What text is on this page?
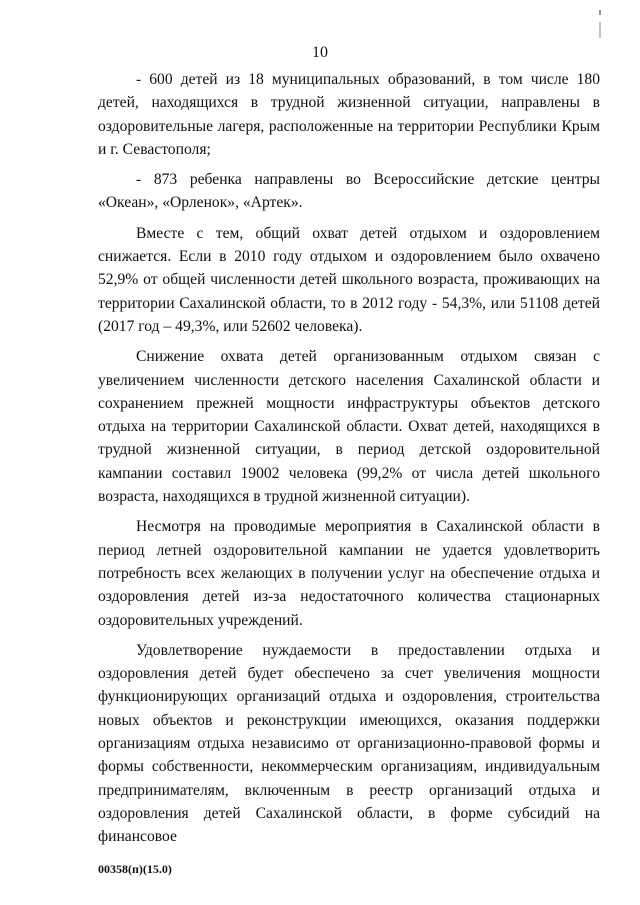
10

- 600 детей из 18 муниципальных образований, в том числе 180 детей, находящихся в трудной жизненной ситуации, направлены в оздоровительные лагеря, расположенные на территории Республики Крым и г. Севастополя;

- 873 ребенка направлены во Всероссийские детские центры «Океан», «Орленок», «Артек».

Вместе с тем, общий охват детей отдыхом и оздоровлением снижается. Если в 2010 году отдыхом и оздоровлением было охвачено 52,9% от общей численности детей школьного возраста, проживающих на территории Сахалинской области, то в 2012 году - 54,3%, или 51108 детей (2017 год – 49,3%, или 52602 человека).

Снижение охвата детей организованным отдыхом связан с увеличением численности детского населения Сахалинской области и сохранением прежней мощности инфраструктуры объектов детского отдыха на территории Сахалинской области. Охват детей, находящихся в трудной жизненной ситуации, в период детской оздоровительной кампании составил 19002 человека (99,2% от числа детей школьного возраста, находящихся в трудной жизненной ситуации).

Несмотря на проводимые мероприятия в Сахалинской области в период летней оздоровительной кампании не удается удовлетворить потребность всех желающих в получении услуг на обеспечение отдыха и оздоровления детей из-за недостаточного количества стационарных оздоровительных учреждений.

Удовлетворение нуждаемости в предоставлении отдыха и оздоровления детей будет обеспечено за счет увеличения мощности функционирующих организаций отдыха и оздоровления, строительства новых объектов и реконструкции имеющихся, оказания поддержки организациям отдыха независимо от организационно-правовой формы и формы собственности, некоммерческим организациям, индивидуальным предпринимателям, включенным в реестр организаций отдыха и оздоровления детей Сахалинской области, в форме субсидий на финансовое

00358(п)(15.0)
